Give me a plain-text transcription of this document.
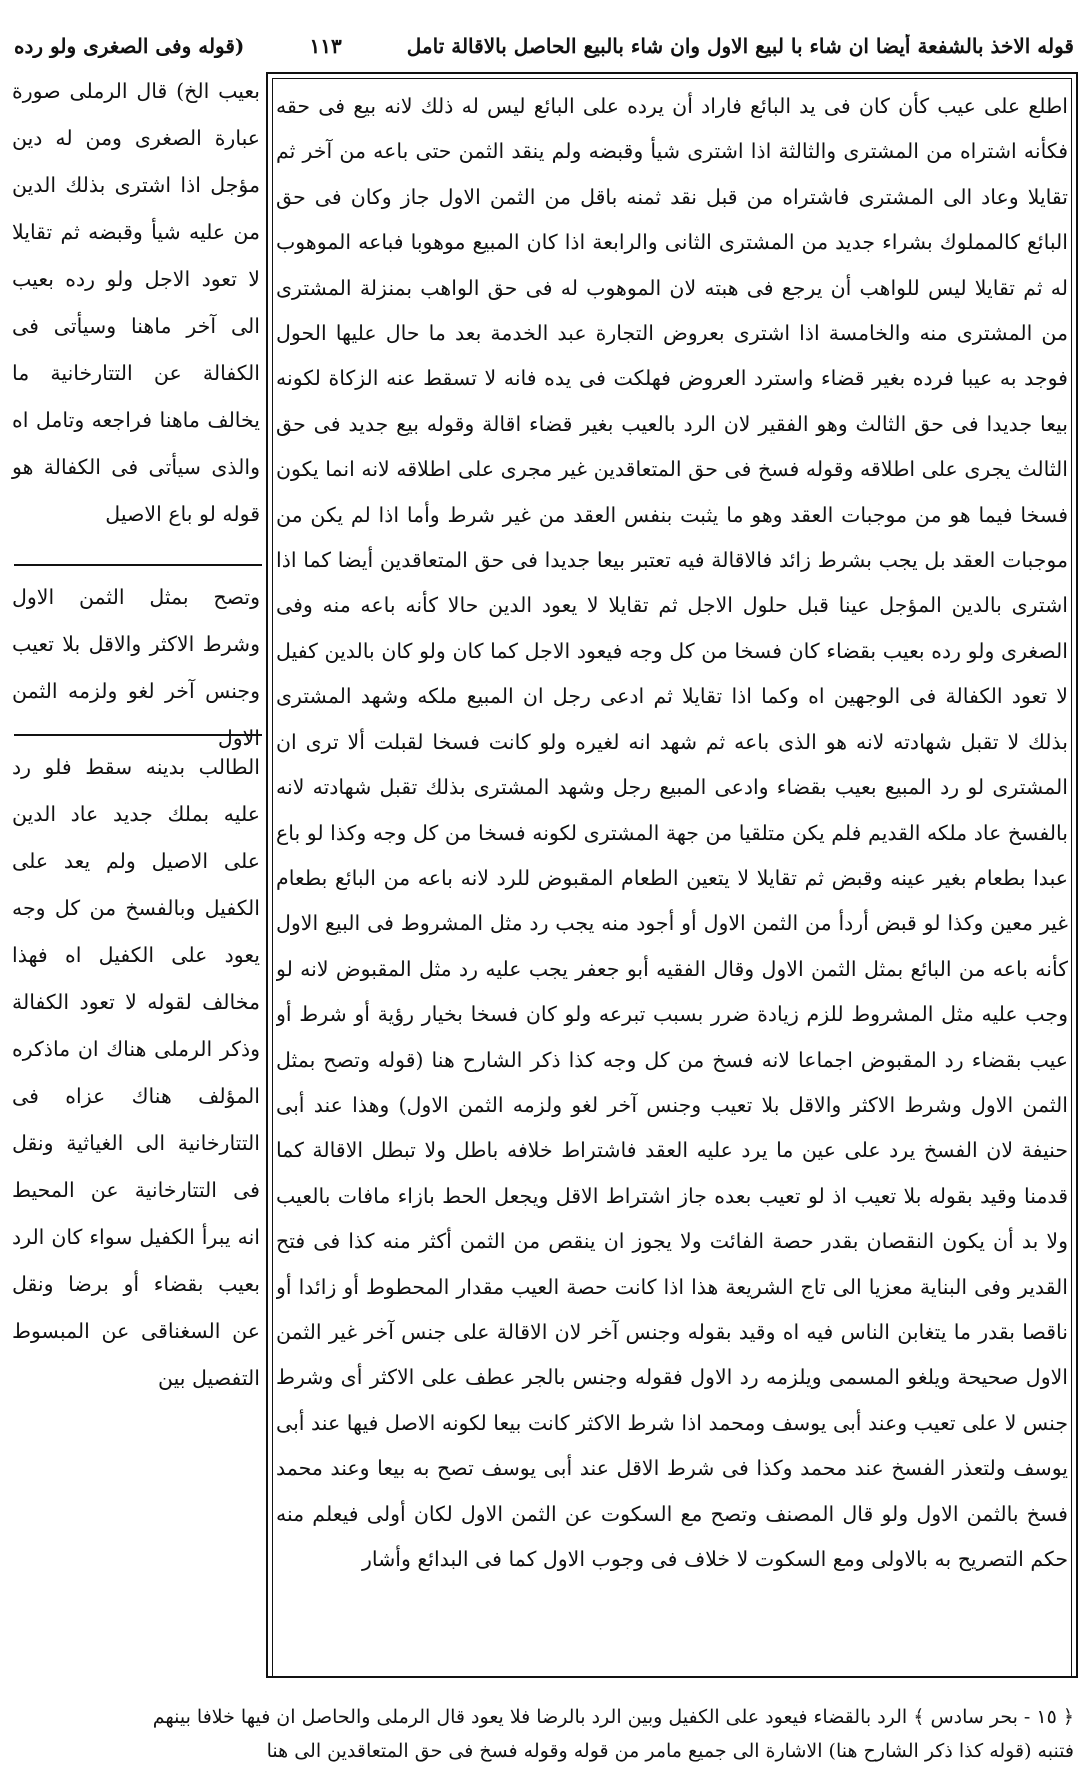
قوله الاخذ بالشفعة أيضا ان شاء با لبيع الاول وان شاء بالبيع الحاصل بالاقالة تامل
١١٣
(قوله وفى الصغرى ولو رده

اطلع على عيب كأن كان فى يد البائع فاراد أن يرده على البائع ليس له ذلك لانه بيع فى حقه فكأنه اشتراه من المشترى والثالثة اذا اشترى شيأ وقبضه ولم ينقد الثمن حتى باعه من آخر ثم تقايلا وعاد الى المشترى فاشتراه من قبل نقد ثمنه باقل من الثمن الاول جاز وكان فى حق البائع كالمملوك بشراء جديد من المشترى الثانى والرابعة اذا كان المبيع موهوبا فباعه الموهوب له ثم تقايلا ليس للواهب أن يرجع فى هبته لان الموهوب له فى حق الواهب بمنزلة المشترى من المشترى منه والخامسة اذا اشترى بعروض التجارة عبد الخدمة بعد ما حال عليها الحول فوجد به عيبا فرده بغير قضاء واسترد العروض فهلكت فى يده فانه لا تسقط عنه الزكاة لكونه بيعا جديدا فى حق الثالث وهو الفقير لان الرد بالعيب بغير قضاء اقالة وقوله بيع جديد فى حق الثالث يجرى على اطلاقه وقوله فسخ فى حق المتعاقدين غير مجرى على اطلاقه لانه انما يكون فسخا فيما هو من موجبات العقد وهو ما يثبت بنفس العقد من غير شرط وأما اذا لم يكن من موجبات العقد بل يجب بشرط زائد فالاقالة فيه تعتبر بيعا جديدا فى حق المتعاقدين أيضا كما اذا اشترى بالدين المؤجل عينا قبل حلول الاجل ثم تقايلا لا يعود الدين حالا كأنه باعه منه وفى الصغرى ولو رده بعيب بقضاء كان فسخا من كل وجه فيعود الاجل كما كان ولو كان بالدين كفيل لا تعود الكفالة فى الوجهين اه وكما اذا تقايلا ثم ادعى رجل ان المبيع ملكه وشهد المشترى بذلك لا تقبل شهادته لانه هو الذى باعه ثم شهد انه لغيره ولو كانت فسخا لقبلت ألا ترى ان المشترى لو رد المبيع بعيب بقضاء وادعى المبيع رجل وشهد المشترى بذلك تقبل شهادته لانه بالفسخ عاد ملكه القديم فلم يكن متلقيا من جهة المشترى لكونه فسخا من كل وجه وكذا لو باع عبدا بطعام بغير عينه وقبض ثم تقايلا لا يتعين الطعام المقبوض للرد لانه باعه من البائع بطعام غير معين وكذا لو قبض أردأ من الثمن الاول أو أجود منه يجب رد مثل المشروط فى البيع الاول كأنه باعه من البائع بمثل الثمن الاول وقال الفقيه أبو جعفر يجب عليه رد مثل المقبوض لانه لو وجب عليه مثل المشروط للزم زيادة ضرر بسبب تبرعه ولو كان فسخا بخيار رؤية أو شرط أو عيب بقضاء رد المقبوض اجماعا لانه فسخ من كل وجه كذا ذكر الشارح هنا (قوله وتصح بمثل الثمن الاول وشرط الاكثر والاقل بلا تعيب وجنس آخر لغو ولزمه الثمن الاول) وهذا عند أبى حنيفة لان الفسخ يرد على عين ما يرد عليه العقد فاشتراط خلافه باطل ولا تبطل الاقالة كما قدمنا وقيد بقوله بلا تعيب اذ لو تعيب بعده جاز اشتراط الاقل ويجعل الحط بازاء مافات بالعيب ولا بد أن يكون النقصان بقدر حصة الفائت ولا يجوز ان ينقص من الثمن أكثر منه كذا فى فتح القدير وفى البناية معزيا الى تاج الشريعة هذا اذا كانت حصة العيب مقدار المحطوط أو زائدا أو ناقصا بقدر ما يتغابن الناس فيه اه وقيد بقوله وجنس آخر لان الاقالة على جنس آخر غير الثمن الاول صحيحة ويلغو المسمى ويلزمه رد الاول فقوله وجنس بالجر عطف على الاكثر أى وشرط جنس لا على تعيب وعند أبى يوسف ومحمد اذا شرط الاكثر كانت بيعا لكونه الاصل فيها عند أبى يوسف ولتعذر الفسخ عند محمد وكذا فى شرط الاقل عند أبى يوسف تصح به بيعا وعند محمد فسخ بالثمن الاول ولو قال المصنف وتصح مع السكوت عن الثمن الاول لكان أولى فيعلم منه حكم التصريح به بالاولى ومع السكوت لا خلاف فى وجوب الاول كما فى البدائع وأشار

بعيب الخ) قال الرملى صورة عبارة الصغرى ومن له دين مؤجل اذا اشترى بذلك الدين من عليه شيأ وقبضه ثم تقايلا لا تعود الاجل ولو رده بعيب الى آخر ماهنا وسيأتى فى الكفالة عن التتارخانية ما يخالف ماهنا فراجعه وتامل اه والذى سيأتى فى الكفالة هو قوله لو باع الاصيل

وتصح بمثل الثمن الاول وشرط الاكثر والاقل بلا تعيب وجنس آخر لغو ولزمه الثمن الاول

الطالب بدينه سقط فلو رد عليه بملك جديد عاد الدين على الاصيل ولم يعد على الكفيل وبالفسخ من كل وجه يعود على الكفيل اه فهذا مخالف لقوله لا تعود الكفالة وذكر الرملى هناك ان ماذكره المؤلف هناك عزاه فى التتارخانية الى الغياثية ونقل فى التتارخانية عن المحيط انه يبرأ الكفيل سواء كان الرد بعيب بقضاء أو برضا ونقل عن السغناقى عن المبسوط التفصيل بين

﴿ ١٥ - بحر سادس ﴾ الرد بالقضاء فيعود على الكفيل وبين الرد بالرضا فلا يعود قال الرملى والحاصل ان فيها خلافا بينهم
فتنبه (قوله كذا ذكر الشارح هنا) الاشارة الى جميع مامر من قوله وقوله فسخ فى حق المتعاقدين الى هنا
